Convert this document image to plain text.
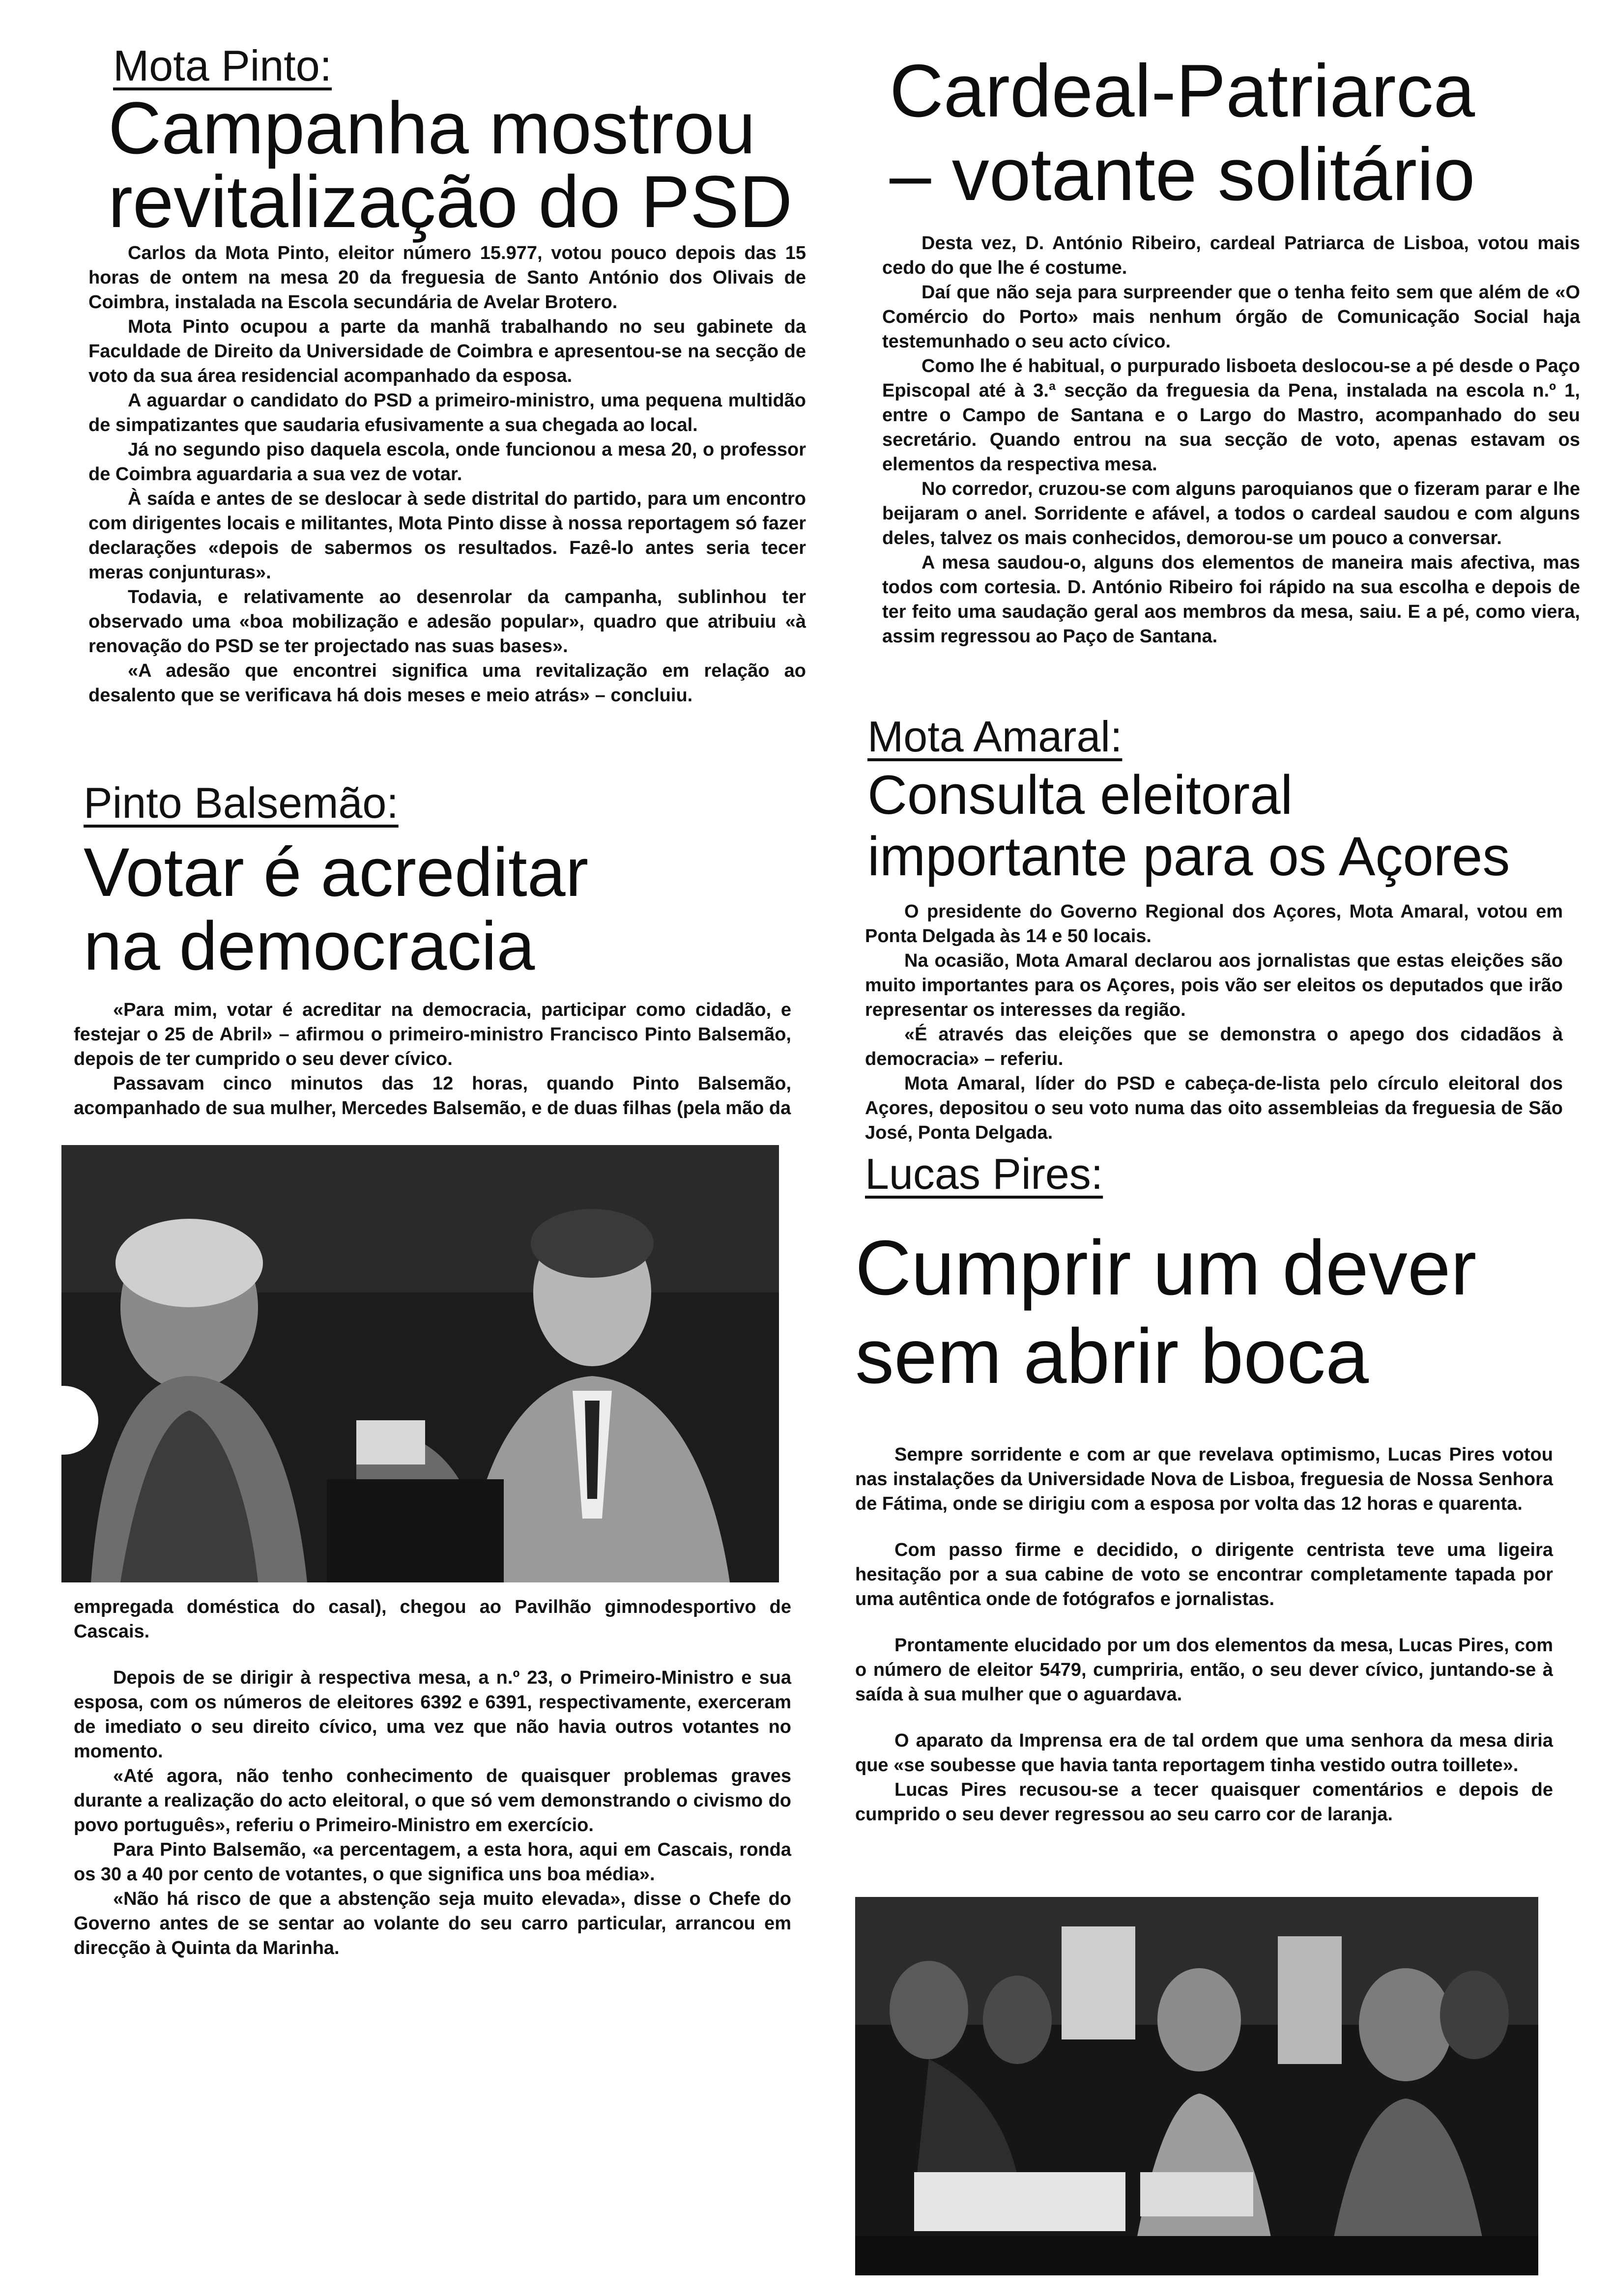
Mota Pinto:
Campanha mostrou
revitalização do PSD

Carlos da Mota Pinto, eleitor número 15.977, votou pouco depois das 15 horas de ontem na mesa 20 da freguesia de Santo António dos Olivais de Coimbra, instalada na Escola secundária de Avelar Brotero.

Mota Pinto ocupou a parte da manhã trabalhando no seu gabinete da Faculdade de Direito da Universidade de Coimbra e apresentou-se na secção de voto da sua área residencial acompanhado da esposa.

A aguardar o candidato do PSD a primeiro-ministro, uma pequena multidão de simpatizantes que saudaria efusivamente a sua chegada ao local.

Já no segundo piso daquela escola, onde funcionou a mesa 20, o professor de Coimbra aguardaria a sua vez de votar.

À saída e antes de se deslocar à sede distrital do partido, para um encontro com dirigentes locais e militantes, Mota Pinto disse à nossa reportagem só fazer declarações «depois de sabermos os resultados. Fazê-lo antes seria tecer meras conjunturas».

Todavia, e relativamente ao desenrolar da campanha, sublinhou ter observado uma «boa mobilização e adesão popular», quadro que atribuiu «à renovação do PSD se ter projectado nas suas bases».

«A adesão que encontrei significa uma revitalização em relação ao desalento que se verificava há dois meses e meio atrás» – concluiu.

Pinto Balsemão:
Votar é acreditar
na democracia

«Para mim, votar é acreditar na democracia, participar como cidadão, e festejar o 25 de Abril» – afirmou o primeiro-ministro Francisco Pinto Balsemão, depois de ter cumprido o seu dever cívico.

Passavam cinco minutos das 12 horas, quando Pinto Balsemão, acompanhado de sua mulher, Mercedes Balsemão, e de duas filhas (pela mão da

empregada doméstica do casal), chegou ao Pavilhão gimnodesportivo de Cascais.

Depois de se dirigir à respectiva mesa, a n.º 23, o Primeiro-Ministro e sua esposa, com os números de eleitores 6392 e 6391, respectivamente, exerceram de imediato o seu direito cívico, uma vez que não havia outros votantes no momento.

«Até agora, não tenho conhecimento de quaisquer problemas graves durante a realização do acto eleitoral, o que só vem demonstrando o civismo do povo português», referiu o Primeiro-Ministro em exercício.

Para Pinto Balsemão, «a percentagem, a esta hora, aqui em Cascais, ronda os 30 a 40 por cento de votantes, o que significa uns boa média».

«Não há risco de que a abstenção seja muito elevada», disse o Chefe do Governo antes de se sentar ao volante do seu carro particular, arrancou em direcção à Quinta da Marinha.

Cardeal-Patriarca
– votante solitário

Desta vez, D. António Ribeiro, cardeal Patriarca de Lisboa, votou mais cedo do que lhe é costume.

Daí que não seja para surpreender que o tenha feito sem que além de «O Comércio do Porto» mais nenhum órgão de Comunicação Social haja testemunhado o seu acto cívico.

Como lhe é habitual, o purpurado lisboeta deslocou-se a pé desde o Paço Episcopal até à 3.ª secção da freguesia da Pena, instalada na escola n.º 1, entre o Campo de Santana e o Largo do Mastro, acompanhado do seu secretário. Quando entrou na sua secção de voto, apenas estavam os elementos da respectiva mesa.

No corredor, cruzou-se com alguns paroquianos que o fizeram parar e lhe beijaram o anel. Sorridente e afável, a todos o cardeal saudou e com alguns deles, talvez os mais conhecidos, demorou-se um pouco a conversar.

A mesa saudou-o, alguns dos elementos de maneira mais afectiva, mas todos com cortesia. D. António Ribeiro foi rápido na sua escolha e depois de ter feito uma saudação geral aos membros da mesa, saiu. E a pé, como viera, assim regressou ao Paço de Santana.

Mota Amaral:
Consulta eleitoral
importante para os Açores

O presidente do Governo Regional dos Açores, Mota Amaral, votou em Ponta Delgada às 14 e 50 locais.

Na ocasião, Mota Amaral declarou aos jornalistas que estas eleições são muito importantes para os Açores, pois vão ser eleitos os deputados que irão representar os interesses da região.

«É através das eleições que se demonstra o apego dos cidadãos à democracia» – referiu.

Mota Amaral, líder do PSD e cabeça-de-lista pelo círculo eleitoral dos Açores, depositou o seu voto numa das oito assembleias da freguesia de São José, Ponta Delgada.

Lucas Pires:
Cumprir um dever
sem abrir boca

Sempre sorridente e com ar que revelava optimismo, Lucas Pires votou nas instalações da Universidade Nova de Lisboa, freguesia de Nossa Senhora de Fátima, onde se dirigiu com a esposa por volta das 12 horas e quarenta.

Com passo firme e decidido, o dirigente centrista teve uma ligeira hesitação por a sua cabine de voto se encontrar completamente tapada por uma autêntica onde de fotógrafos e jornalistas.

Prontamente elucidado por um dos elementos da mesa, Lucas Pires, com o número de eleitor 5479, cumpriria, então, o seu dever cívico, juntando-se à saída à sua mulher que o aguardava.

O aparato da Imprensa era de tal ordem que uma senhora da mesa diria que «se soubesse que havia tanta reportagem tinha vestido outra toillete».

Lucas Pires recusou-se a tecer quaisquer comentários e depois de cumprido o seu dever regressou ao seu carro cor de laranja.
